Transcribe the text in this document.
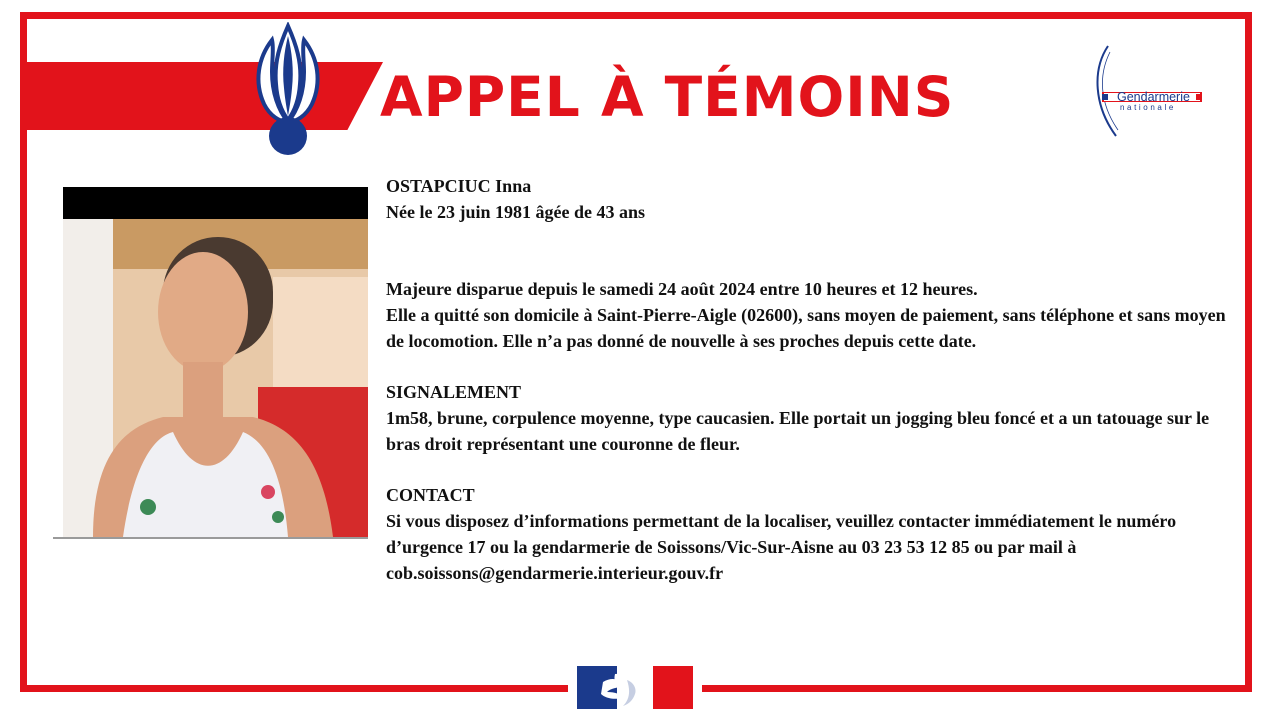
APPEL À TÉMOINS	Gendarmerie
nationale

OSTAPCIUC Inna

Née le 23 juin 1981 âgée de 43 ans

Majeure disparue depuis le samedi 24 août 2024 entre 10 heures et 12 heures.

Elle a quitté son domicile à Saint-Pierre-Aigle (02600), sans moyen de paiement, sans téléphone et sans moyen de locomotion. Elle n’a pas donné de nouvelle à ses proches depuis cette date.

SIGNALEMENT

1m58, brune, corpulence moyenne, type caucasien. Elle portait un jogging bleu foncé et a un tatouage sur le bras droit représentant une couronne de fleur.

CONTACT

Si vous disposez d’informations permettant de la localiser, veuillez contacter immédiatement le numéro d’urgence 17 ou la gendarmerie de Soissons/Vic-Sur-Aisne au 03 23 53 12 85 ou par mail à cob.soissons@gendarmerie.interieur.gouv.fr
